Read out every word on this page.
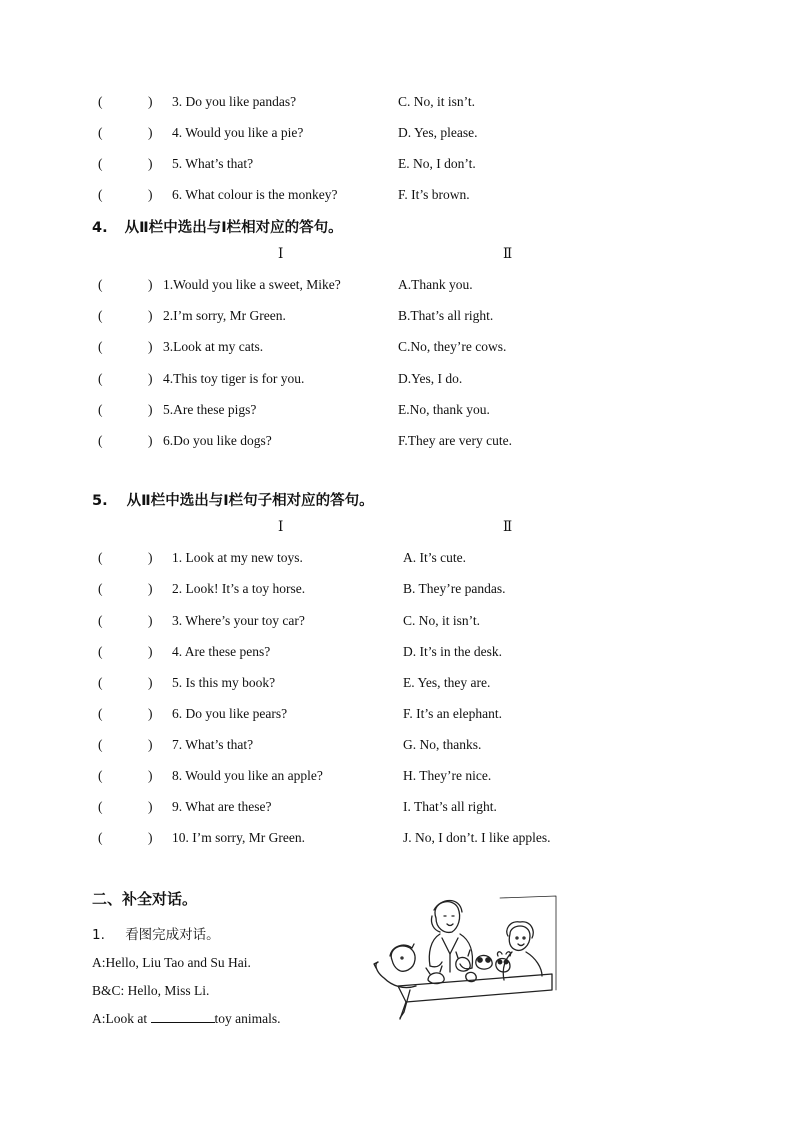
(	) 3. Do you like pandas?	C. No, it isn’t.
(	) 4. Would you like a pie?	D. Yes, please.
(	) 5. What’s that?	E. No, I don’t.
(	) 6. What colour is the monkey?	F. It’s brown.
4. 从Ⅱ栏中选出与Ⅰ栏相对应的答句。
Ⅰ	Ⅱ
(	) 1.Would you like a sweet, Mike?	A.Thank you.
(	) 2.I’m sorry, Mr Green.	B.That’s all right.
(	) 3.Look at my cats.	C.No, they’re cows.
(	) 4.This toy tiger is for you.	D.Yes, I do.
(	) 5.Are these pigs?	E.No, thank you.
(	) 6.Do you like dogs?	F.They are very cute.
5. 从Ⅱ栏中选出与Ⅰ栏句子相对应的答句。
Ⅰ	Ⅱ
(	) 1. Look at my new toys.	A. It’s cute.
(	) 2. Look! It’s a toy horse.	B. They’re pandas.
(	) 3. Where’s your toy car?	C. No, it isn’t.
(	) 4. Are these pens?	D. It’s in the desk.
(	) 5. Is this my book?	E. Yes, they are.
(	) 6. Do you like pears?	F. It’s an elephant.
(	) 7. What’s that?	G. No, thanks.
(	) 8. Would you like an apple?	H. They’re nice.
(	) 9. What are these?	I. That’s all right.
(	) 10. I’m sorry, Mr Green.	J. No, I don’t. I like apples.
二、补全对话。
1. 看图完成对话。
A:Hello, Liu Tao and Su Hai.
B&C: Hello, Miss Li.
A:Look at	toy animals.
